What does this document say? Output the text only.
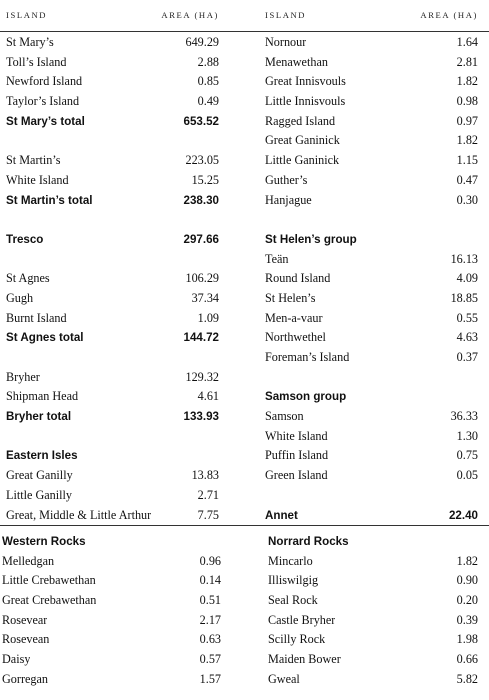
ISLAND	AREA (HA)	ISLAND	AREA (HA)
St Mary’s	649.29
Toll’s Island	2.88
Newford Island	0.85
Taylor’s Island	0.49
St Mary’s total	653.52
St Martin’s	223.05
White Island	15.25
St Martin’s total	238.30
Tresco	297.66
St Agnes	106.29
Gugh	37.34
Burnt Island	1.09
St Agnes total	144.72
Bryher	129.32
Shipman Head	4.61
Bryher total	133.93
Eastern Isles
Great Ganilly	13.83
Little Ganilly	2.71
Great, Middle & Little Arthur	7.75
Nornour	1.64
Menawethan	2.81
Great Innisvouls	1.82
Little Innisvouls	0.98
Ragged Island	0.97
Great Ganinick	1.82
Little Ganinick	1.15
Guther’s	0.47
Hanjague	0.30
St Helen’s group
Teän	16.13
Round Island	4.09
St Helen’s	18.85
Men-a-vaur	0.55
Northwethel	4.63
Foreman’s Island	0.37
Samson group
Samson	36.33
White Island	1.30
Puffin Island	0.75
Green Island	0.05
Annet	22.40
Western Rocks
Melledgan	0.96
Little Crebawethan	0.14
Great Crebawethan	0.51
Rosevear	2.17
Rosevean	0.63
Daisy	0.57
Gorregan	1.57
Norrard Rocks
Mincarlo	1.82
Illiswilgig	0.90
Seal Rock	0.20
Castle Bryher	0.39
Scilly Rock	1.98
Maiden Bower	0.66
Gweal	5.82
